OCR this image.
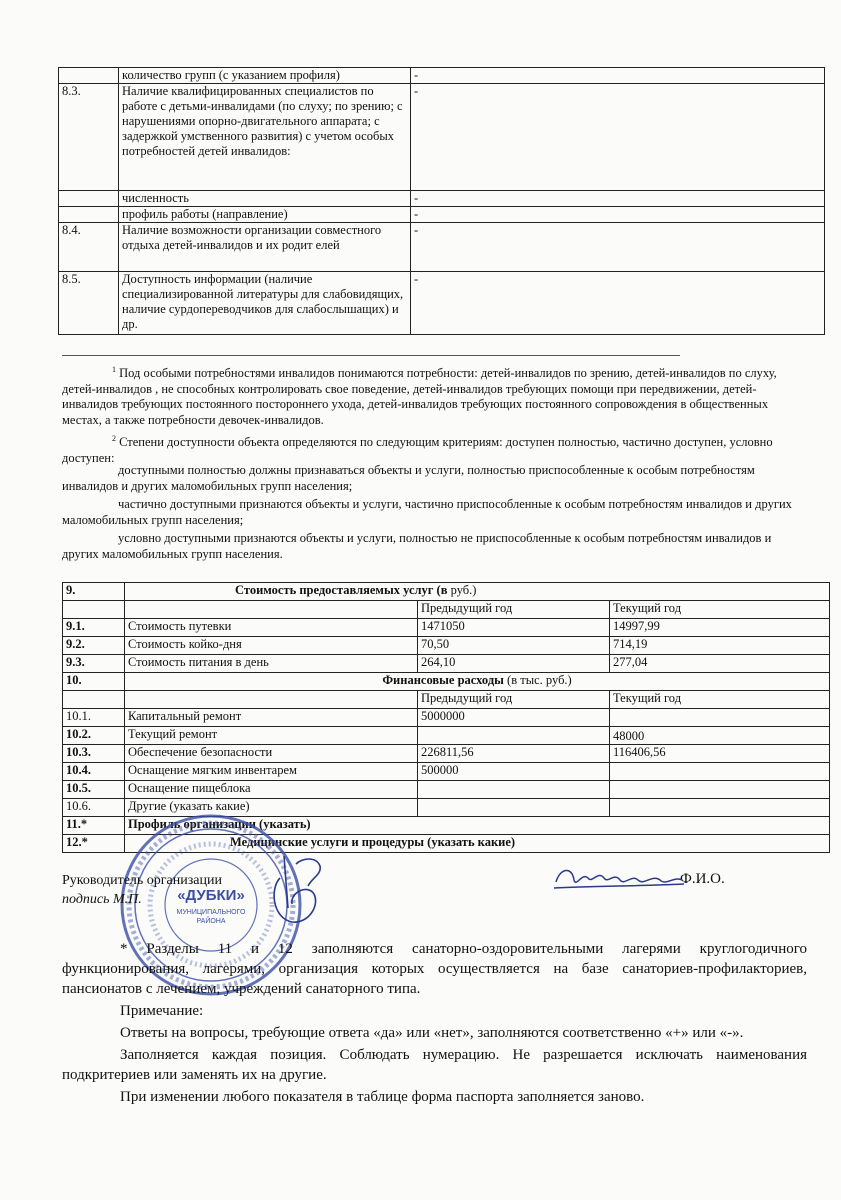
	количество групп (с указанием профиля)	-
8.3.	Наличие квалифицированных специалистов по работе с детьми-инвалидами (по слуху; по зрению; с нарушениями опорно-двигательного аппарата; с задержкой умственного развития) с учетом особых потребностей детей инвалидов:	-
	численность	-
	профиль работы (направление)	-
8.4.	Наличие возможности организации совместного отдыха детей-инвалидов и их родит елей	-
8.5.	Доступность информации (наличие специализированной литературы для слабовидящих, наличие сурдопереводчиков для слабослышащих) и др.	-
$^1$ Под особыми потребностями инвалидов понимаются потребности: детей-инвалидов по зрению, детей-инвалидов по слуху, детей-инвалидов , не способных контролировать свое поведение, детей-инвалидов требующих помощи при передвижении, детей-инвалидов требующих постоянного постороннего ухода, детей-инвалидов требующих постоянного сопровождения в общественных местах, а также потребности девочек-инвалидов.
$^2$ Степени доступности объекта определяются по следующим критериям: доступен полностью, частично доступен, условно доступен:
доступными полностью должны признаваться объекты и услуги, полностью приспособленные к особым потребностям инвалидов и других маломобильных групп населения;
частично доступными признаются объекты и услуги, частично приспособленные к особым потребностям инвалидов и других маломобильных групп населения;
условно доступными признаются объекты и услуги, полностью не приспособленные к особым потребностям инвалидов и других маломобильных групп населения.
9.	Стоимость предоставляемых услуг (в руб.)		
		Предыдущий год	Текущий год
9.1.	Стоимость путевки	1471050	14997,99
9.2.	Стоимость койко-дня	70,50	714,19
9.3.	Стоимость питания в день	264,10	277,04
10.	Финансовые расходы (в тыс. руб.)		
		Предыдущий год	Текущий год
10.1.	Капитальный ремонт	5000000	
10.2.	Текущий ремонт		48000
10.3.	Обеспечение безопасности	226811,56	116406,56
10.4.	Оснащение мягким инвентарем	500000	
10.5.	Оснащение пищеблока		
10.6.	Другие (указать какие)		
11.*	Профиль организации (указать)		
12.*	Медицинские услуги и процедуры (указать какие)		
«ДУБКИ»
МУНИЦИПАЛЬНОГО
РАЙОНА
Руководитель организации
подпись М.П.
Ф.И.О.

* Разделы 11 и 12 заполняются санаторно-оздоровительными лагерями круглогодичного функционирования, лагерями, организация которых осуществляется на базе санаториев-профилакториев, пансионатов с лечением, учреждений санаторного типа.

Примечание:

Ответы на вопросы, требующие ответа «да» или «нет», заполняются соответственно «+» или «-».

Заполняется каждая позиция. Соблюдать нумерацию. Не разрешается исключать наименования подкритериев или заменять их на другие.

При изменении любого показателя в таблице форма паспорта заполняется заново.
